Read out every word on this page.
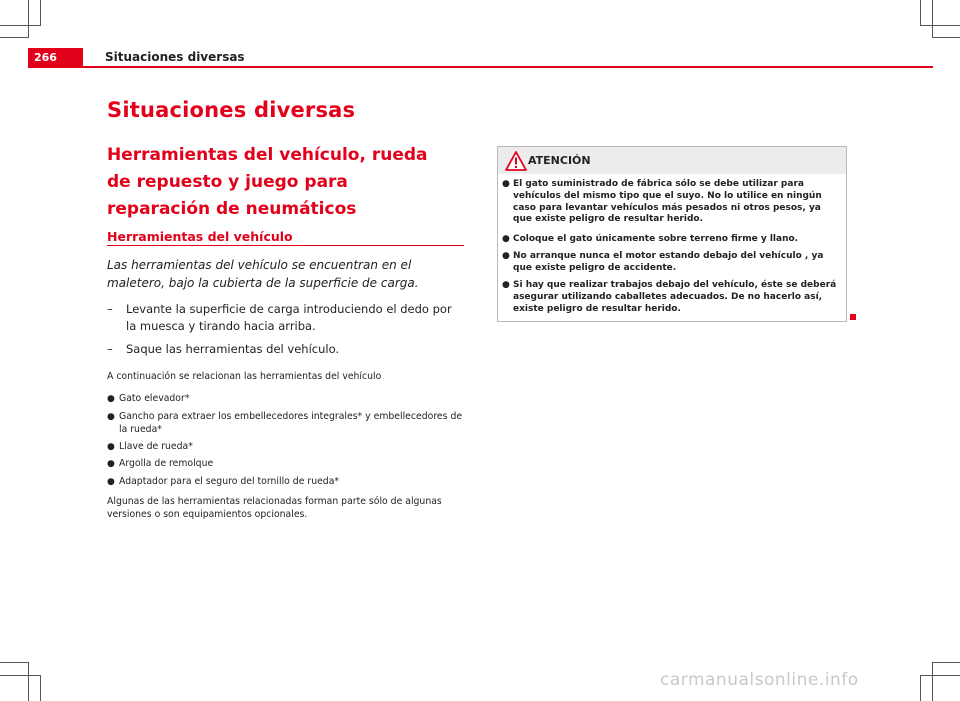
266	Situaciones diversas
Situaciones diversas
Herramientas del vehículo, rueda de repuesto y juego para reparación de neumáticos
Herramientas del vehículo
Las herramientas del vehículo se encuentran en el maletero, bajo la cubierta de la superficie de carga.
–	Levante la superficie de carga introduciendo el dedo por la muesca y tirando hacia arriba.
–	Saque las herramientas del vehículo.
A continuación se relacionan las herramientas del vehículo
● Gato elevador*
● Gancho para extraer los embellecedores integrales* y embellecedores de la rueda*
● Llave de rueda*
● Argolla de remolque
● Adaptador para el seguro del tornillo de rueda*
Algunas de las herramientas relacionadas forman parte sólo de algunas versiones o son equipamientos opcionales.
ATENCIÓN
● El gato suministrado de fábrica sólo se debe utilizar para vehículos del mismo tipo que el suyo. No lo utilice en ningún caso para levantar vehículos más pesados ni otros pesos, ya que existe peligro de resultar herido.
● Coloque el gato únicamente sobre terreno firme y llano.
● No arranque nunca el motor estando debajo del vehículo , ya que existe peligro de accidente.
● Si hay que realizar trabajos debajo del vehículo, éste se deberá asegurar utilizando caballetes adecuados. De no hacerlo así, existe peligro de resultar herido.
carmanualsonline.info
